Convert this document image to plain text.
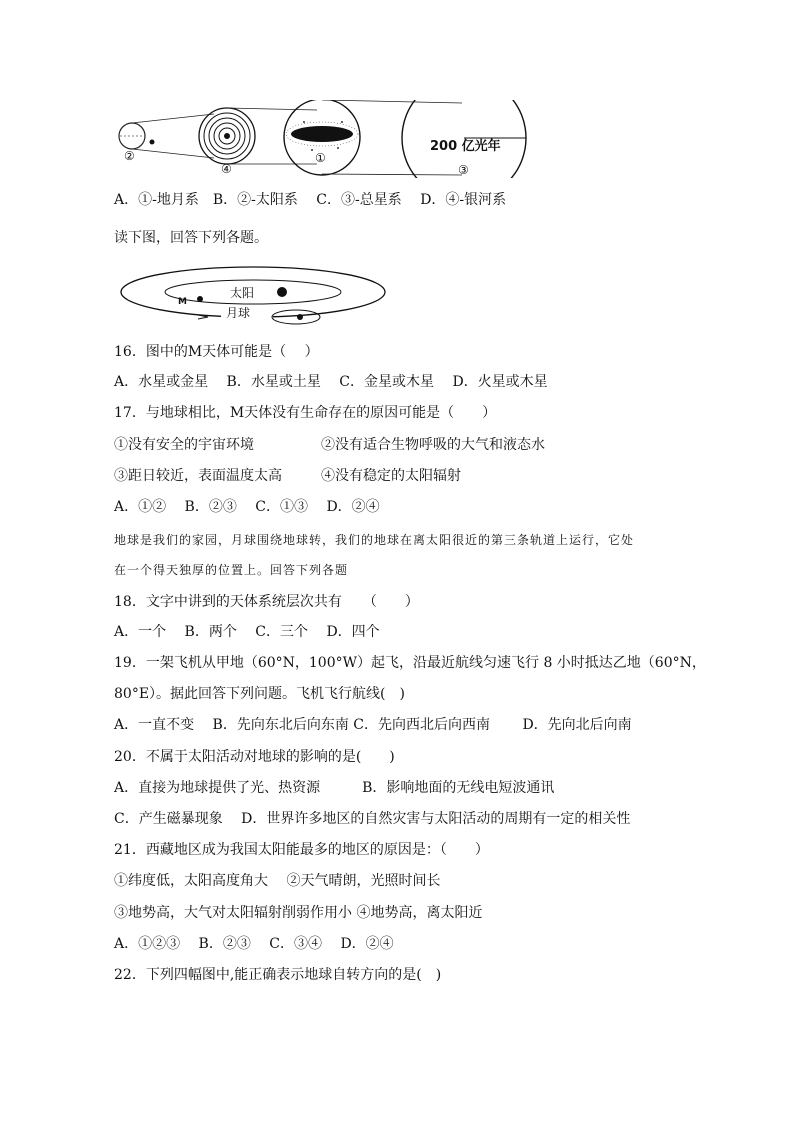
200 亿光年
②
④
①
③
A．①-地月系　B．②-太阳系　 C．③-总星系　 D．④-银河系
读下图，回答下列各题。
太阳
M
月球
16．图中的M天体可能是（　 ）
A．水星或金星　 B．水星或土星　 C．金星或木星　 D．火星或木星
17．与地球相比，M天体没有生命存在的原因可能是（　　）
①没有安全的宇宙环境	②没有适合生物呼吸的大气和液态水
③距日较近，表面温度太高	④没有稳定的太阳辐射
A．①②　 B．②③　 C．①③　 D．②④
地球是我们的家园，月球围绕地球转，我们的地球在离太阳很近的第三条轨道上运行，它处
在一个得天独厚的位置上。回答下列各题
18．文字中讲到的天体系统层次共有　　（　　）
A．一个　 B．两个　 C．三个　 D．四个
19．一架飞机从甲地（60°N，100°W）起飞，沿最近航线匀速飞行 8 小时抵达乙地（60°N，
80°E）。据此回答下列问题。飞机飞行航线(　)
A．一直不变　 B．先向东北后向东南 C．先向西北后向西南　　 D．先向北后向南
20．不属于太阳活动对地球的影响的是(　　)
A．直接为地球提供了光、热资源　　　B．影响地面的无线电短波通讯
C．产生磁暴现象　 D．世界许多地区的自然灾害与太阳活动的周期有一定的相关性
21．西藏地区成为我国太阳能最多的地区的原因是：（　　）
①纬度低，太阳高度角大　 ②天气晴朗，光照时间长
③地势高，大气对太阳辐射削弱作用小 ④地势高，离太阳近
A．①②③　 B．②③　 C．③④　 D．②④
22．下列四幅图中,能正确表示地球自转方向的是(　)
